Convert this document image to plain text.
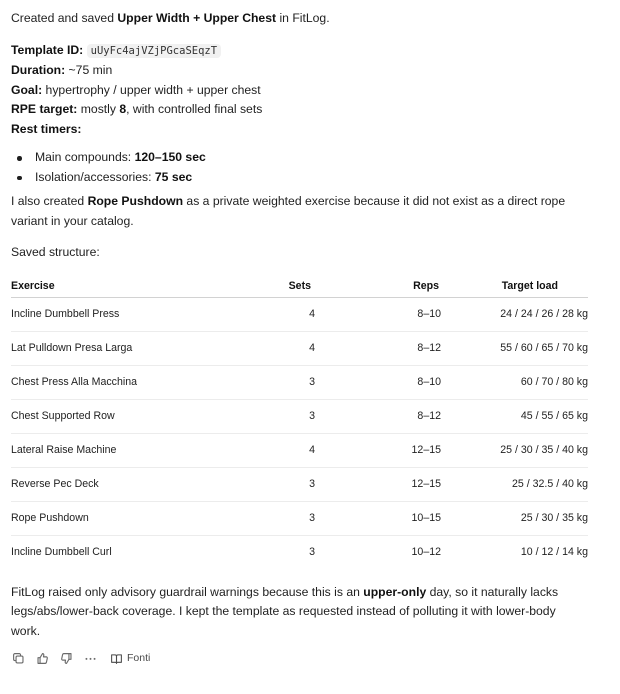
Created and saved Upper Width + Upper Chest in FitLog.

Template ID: uUyFc4ajVZjPGcaSEqzT

Duration: ~75 min

Goal: hypertrophy / upper width + upper chest

RPE target: mostly 8, with controlled final sets

Rest timers:

Main compounds: 120–150 sec
Isolation/accessories: 75 sec

I also created Rope Pushdown as a private weighted exercise because it did not exist as a direct rope variant in your catalog.

Saved structure:

Exercise	Sets		Reps	Target load
Incline Dumbbell Press	4		8–10	24 / 24 / 26 / 28 kg
Lat Pulldown Presa Larga	4		8–12	55 / 60 / 65 / 70 kg
Chest Press Alla Macchina	3		8–10	60 / 70 / 80 kg
Chest Supported Row	3		8–12	45 / 55 / 65 kg
Lateral Raise Machine	4		12–15	25 / 30 / 35 / 40 kg
Reverse Pec Deck	3		12–15	25 / 32.5 / 40 kg
Rope Pushdown	3		10–15	25 / 30 / 35 kg
Incline Dumbbell Curl	3		10–12	10 / 12 / 14 kg

FitLog raised only advisory guardrail warnings because this is an upper-only day, so it naturally lacks legs/abs/lower-back coverage. I kept the template as requested instead of polluting it with lower-body work.

Fonti
